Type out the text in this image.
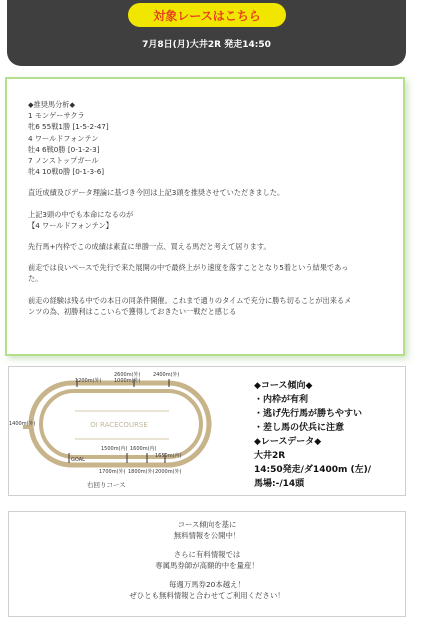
対象レースはこちら
7月8日(月)大井2R 発走14:50
◆推奨馬分析◆
1 モンゲーサクラ
牝6 55戦1勝 [1-5-2-47]
4 ワールドフォンテン
牡4 6戦0勝 [0-1-2-3]
7 ノンストップガール
牝4 10戦0勝 [0-1-3-6]
直近成績及びデータ理論に基づき今回は上記3頭を推奨させていただきました。
上記3頭の中でも本命になるのが
【4 ワールドフォンテン】
先行馬+内枠でこの成績は素直に単勝一点、買える馬だと考えて居ります。
前走では良いペースで先行で来た展開の中で最終上がり速度を落すこととなり5着という結果であっ
た。
前走の経験は残る中での本日の同条件開催。これまで通りのタイムで充分に勝ち切ることが出来るメ
ンツの為、初勝利はここいらで獲得しておきたい一戦だと感じる
OI RACECOURSE
1200m(外)
2600m(外)
1000m(外)
2400m(外)
1400m(外)
1500m(内) 1600m(内)
1650m(内)
1700m(外) 1800m(外) 2000m(外)
GOAL
右回りコース
◆コース傾向◆
・内枠が有利
・逃げ先行馬が勝ちやすい
・差し馬の伏兵に注意
◆レースデータ◆
大井2R
14:50発走/ダ1400m (左)/
馬場:-/14頭
コース傾向を基に
無料情報を公開中！
さらに有料情報では
専属馬券師が高額的中を量産！
毎週万馬券20本越え！
ぜひとも無料情報と合わせてご利用ください！
